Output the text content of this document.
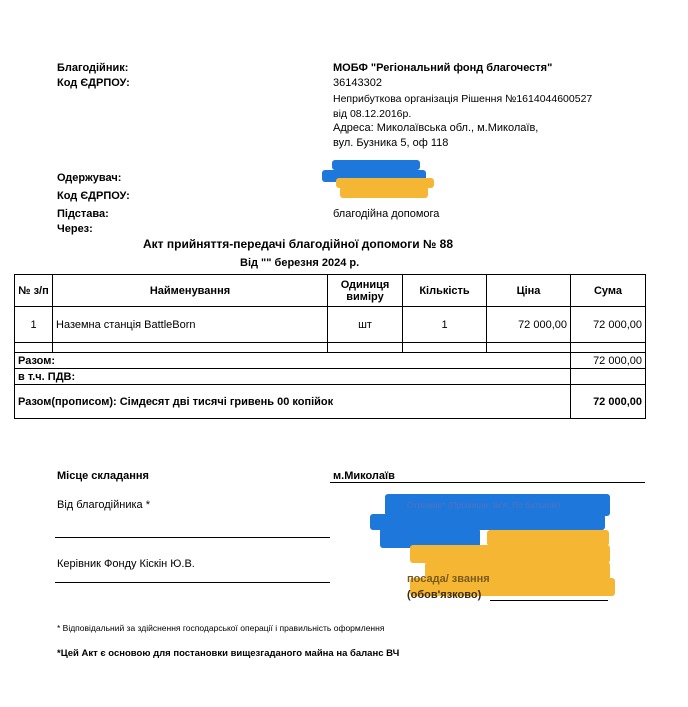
Благодійник:	МОБФ "Регіональний фонд благочестя"
Код ЄДРПОУ:	36143302
Неприбуткова організація Рішення №1614044600527
від 08.12.2016р.
Адреса: Миколаївська обл., м.Миколаїв,
вул. Бузника 5, оф 118
Одержувач:
Код ЄДРПОУ:
Підстава:	благодійна допомога
Через:
Акт прийняття-передачі благодійної допомоги № 88
Від "" березня 2024 р.
№ з/п	Найменування	Одиниця виміру	Кількість	Ціна	Сума
1	Наземна станція BattleBorn	шт	1	72 000,00	72 000,00

Разом:					72 000,00
в т.ч. ПДВ:					
Разом(прописом): Сімдесят дві тисячі гривень 00 копійок					72 000,00
Місце складання	м.Миколаїв
Від благодійника *	Отримав* (Прізвище, Ім'я, По батькові)
Керівник Фонду Кіскін Ю.В.
посада/ звання
(обов'язково)
* Відповідальний за здійснення господарської операції і правильність оформлення
*Цей Акт є основою для постановки вищезгаданого майна на баланс ВЧ
